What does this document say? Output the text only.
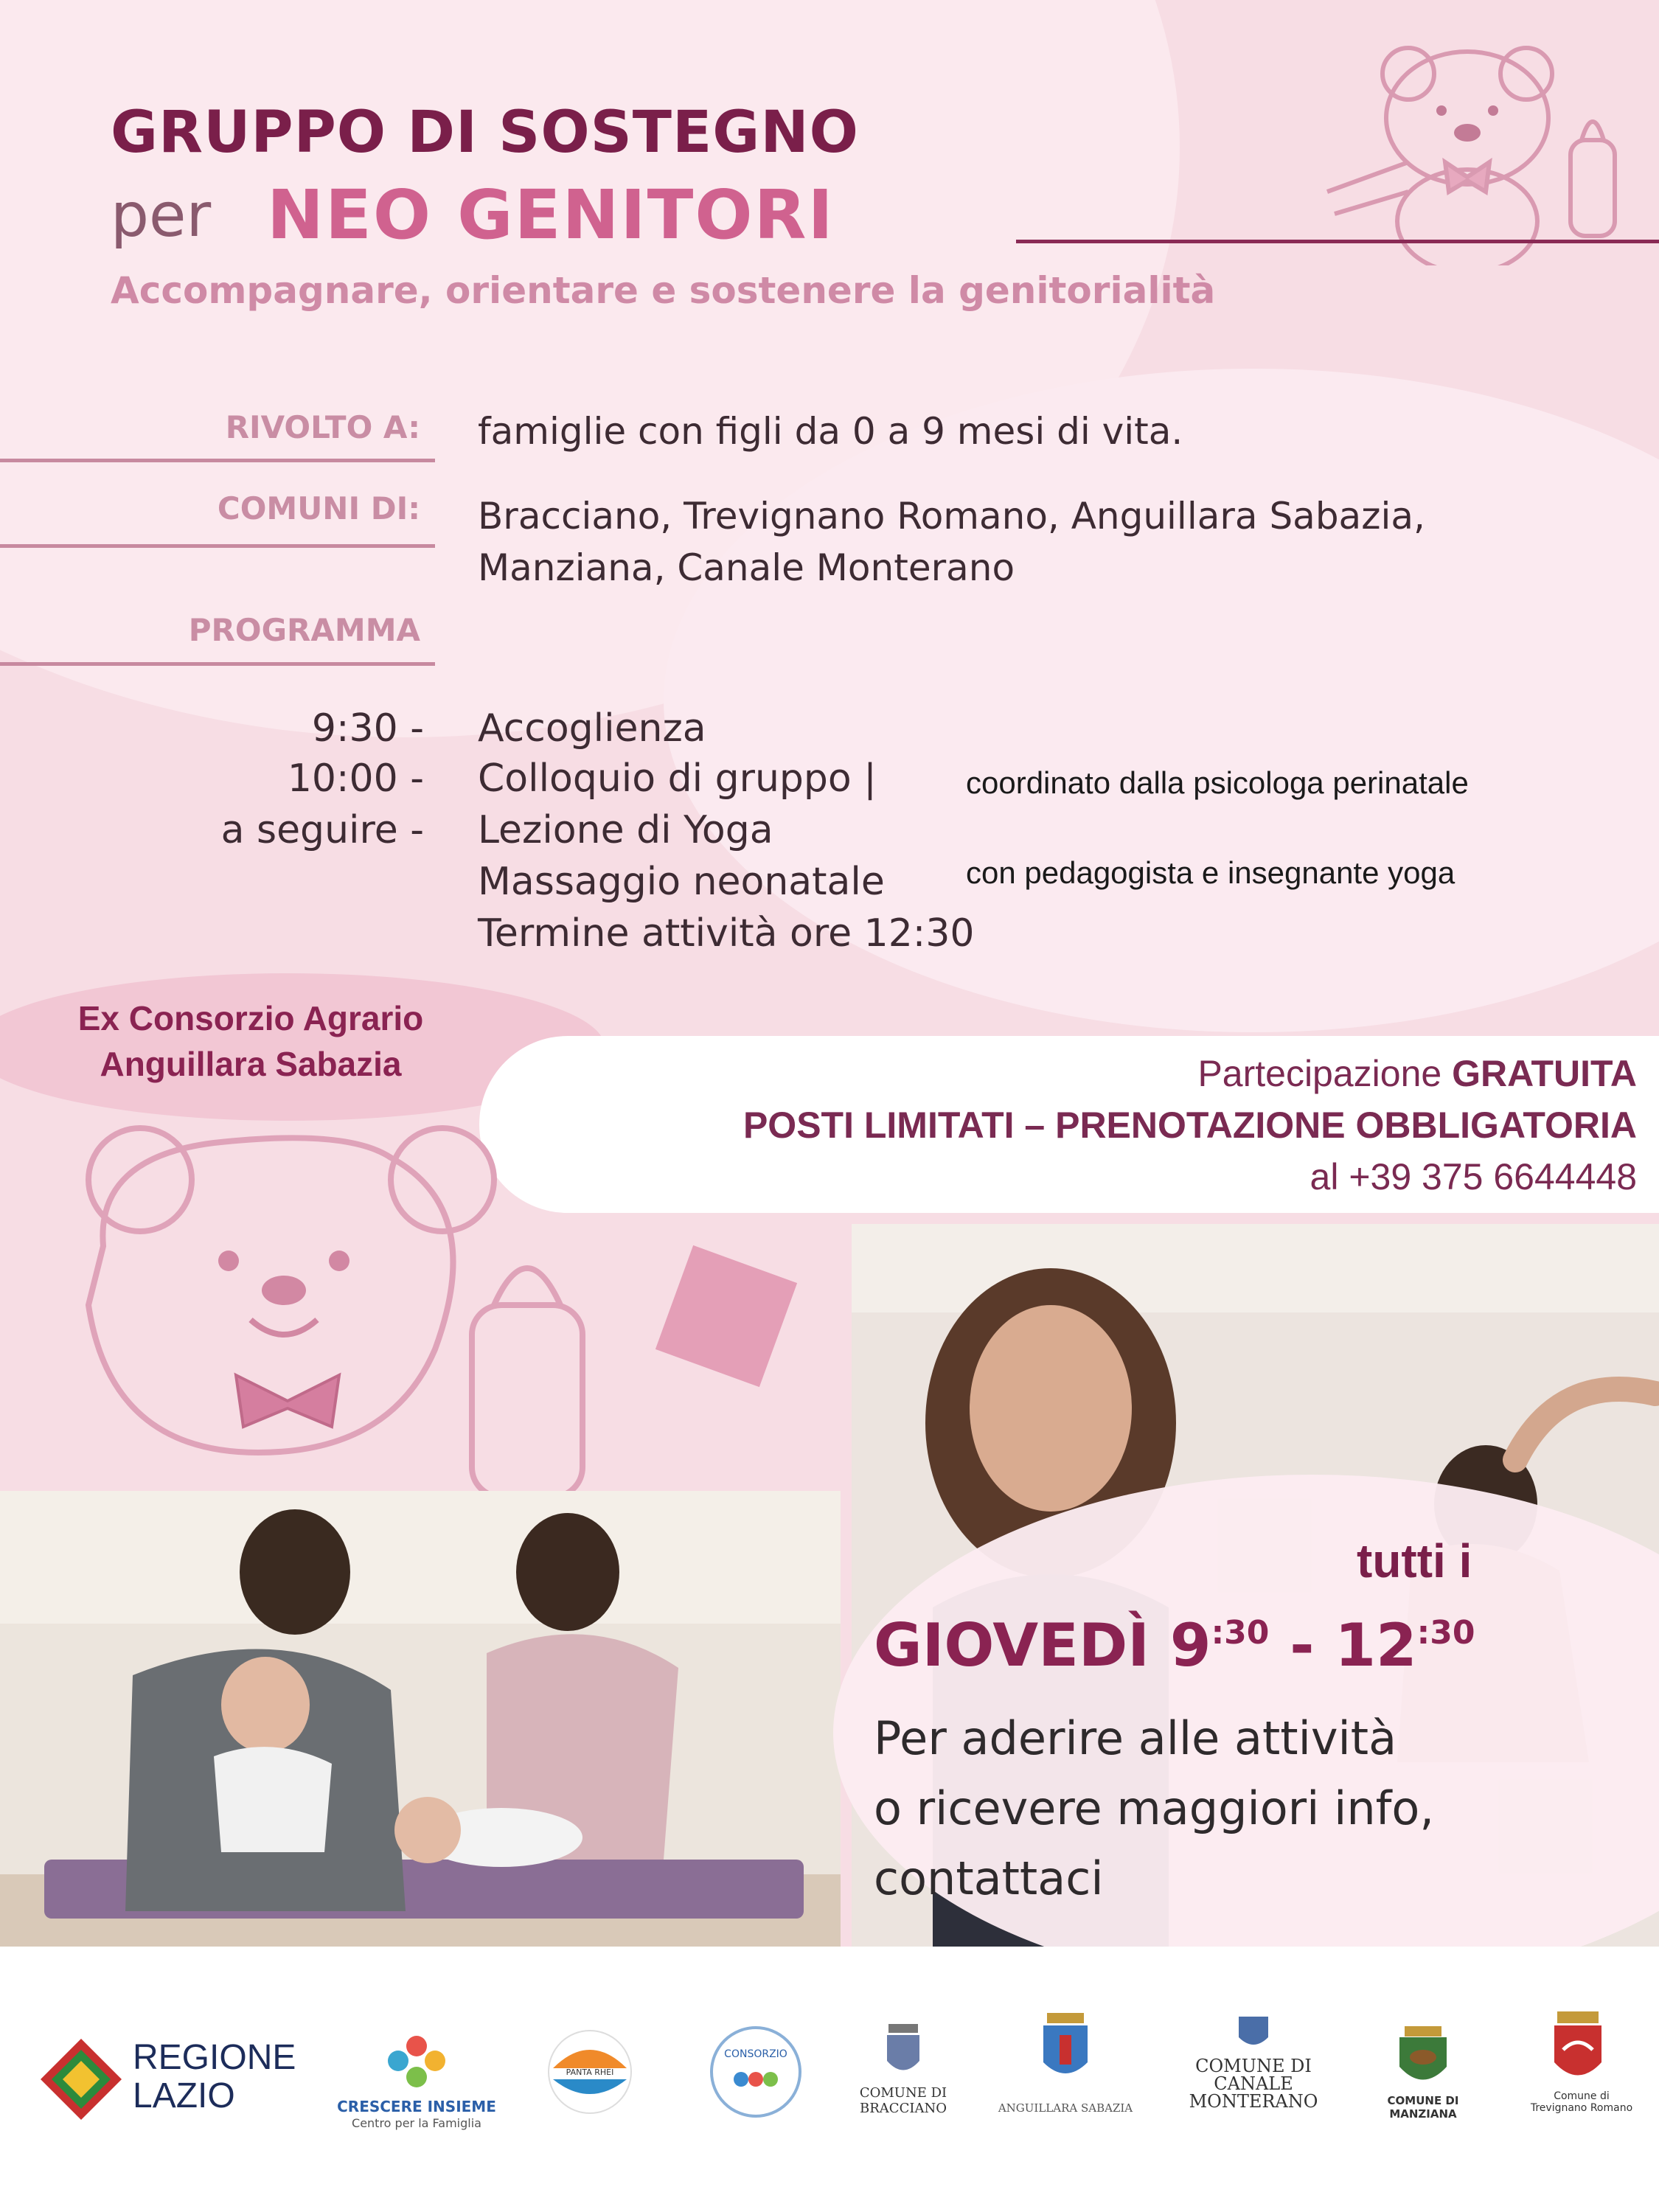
GRUPPO DI SOSTEGNO
per NEO GENITORI
Accompagnare, orientare e sostenere la genitorialità
RIVOLTO A: famiglie con figli da 0 a 9 mesi di vita.
COMUNI DI: Bracciano, Trevignano Romano, Anguillara Sabazia,
Manziana, Canale Monterano
PROGRAMMA
9:30 - Accoglienza
10:00 - Colloquio di gruppo |	coordinato dalla psicologa perinatale
a seguire - Lezione di Yoga
Massaggio neonatale	con pedagogista e insegnante yoga
Termine attività ore 12:30
Ex Consorzio Agrario
Anguillara Sabazia	Partecipazione GRATUITA
POSTI LIMITATI – PRENOTAZIONE OBBLIGATORIA
al +39 375 6644448
tutti i
GIOVEDÌ $9^{:30} - 12^{:30}$
Per aderire alle attività
o ricevere maggiori info,
contattaci
REGIONE
LAZIO	CRESCERE INSIEME
Centro per la Famiglia
PANTA RHEI
CONSORZIO
COMUNE DI
BRACCIANO	ANGUILLARA SABAZIA
COMUNE DI
CANALE
MONTERANO	COMUNE DI
MANZIANA
Comune di
Trevignano Romano
